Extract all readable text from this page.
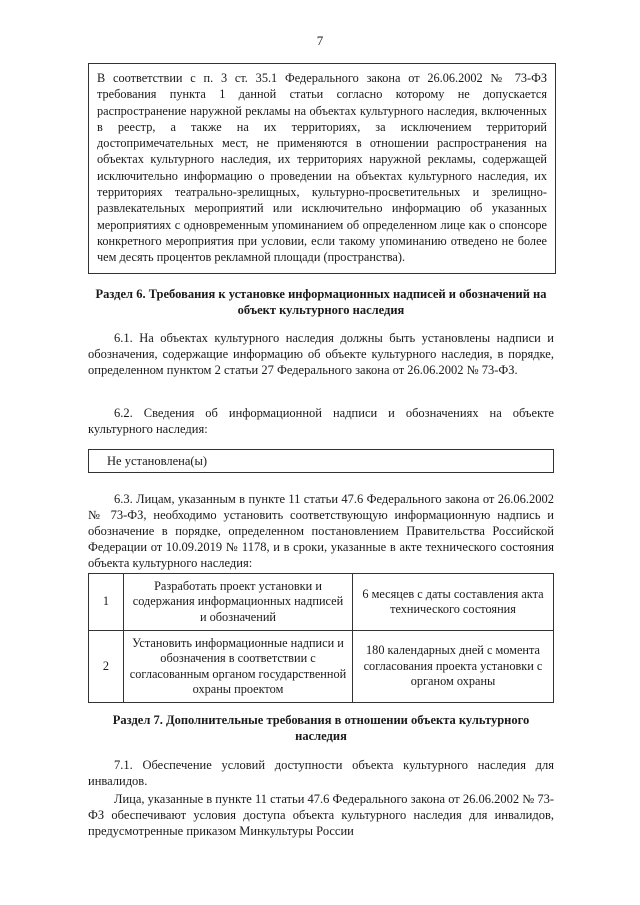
7
В соответствии с п. 3 ст. 35.1 Федерального закона от 26.06.2002 № 73-ФЗ требования пункта 1 данной статьи согласно которому не допускается распространение наружной рекламы на объектах культурного наследия, включенных в реестр, а также на их территориях, за исключением территорий достопримечательных мест, не применяются в отношении распространения на объектах культурного наследия, их территориях наружной рекламы, содержащей исключительно информацию о проведении на объектах культурного наследия, их территориях театрально-зрелищных, культурно-просветительных и зрелищно-развлекательных мероприятий или исключительно информацию об указанных мероприятиях с одновременным упоминанием об определенном лице как о спонсоре конкретного мероприятия при условии, если такому упоминанию отведено не более чем десять процентов рекламной площади (пространства).
Раздел 6. Требования к установке информационных надписей и обозначений на объект культурного наследия
6.1. На объектах культурного наследия должны быть установлены надписи и обозначения, содержащие информацию об объекте культурного наследия, в порядке, определенном пунктом 2 статьи 27 Федерального закона от 26.06.2002 № 73-ФЗ.
6.2. Сведения об информационной надписи и обозначениях на объекте культурного наследия:
Не установлена(ы)
6.3. Лицам, указанным в пункте 11 статьи 47.6 Федерального закона от 26.06.2002 № 73-ФЗ, необходимо установить соответствующую информационную надпись и обозначение в порядке, определенном постановлением Правительства Российской Федерации от 10.09.2019 № 1178, и в сроки, указанные в акте технического состояния объекта культурного наследия:
1	Разработать проект установки и содержания информационных надписей и обозначений	6 месяцев с даты составления акта технического состояния
2	Установить информационные надписи и обозначения в соответствии с согласованным органом государственной охраны проектом	180 календарных дней с момента согласования проекта установки с органом охраны
Раздел 7. Дополнительные требования в отношении объекта культурного наследия
7.1. Обеспечение условий доступности объекта культурного наследия для инвалидов.
Лица, указанные в пункте 11 статьи 47.6 Федерального закона от 26.06.2002 № 73-ФЗ обеспечивают условия доступа объекта культурного наследия для инвалидов, предусмотренные приказом Минкультуры России
